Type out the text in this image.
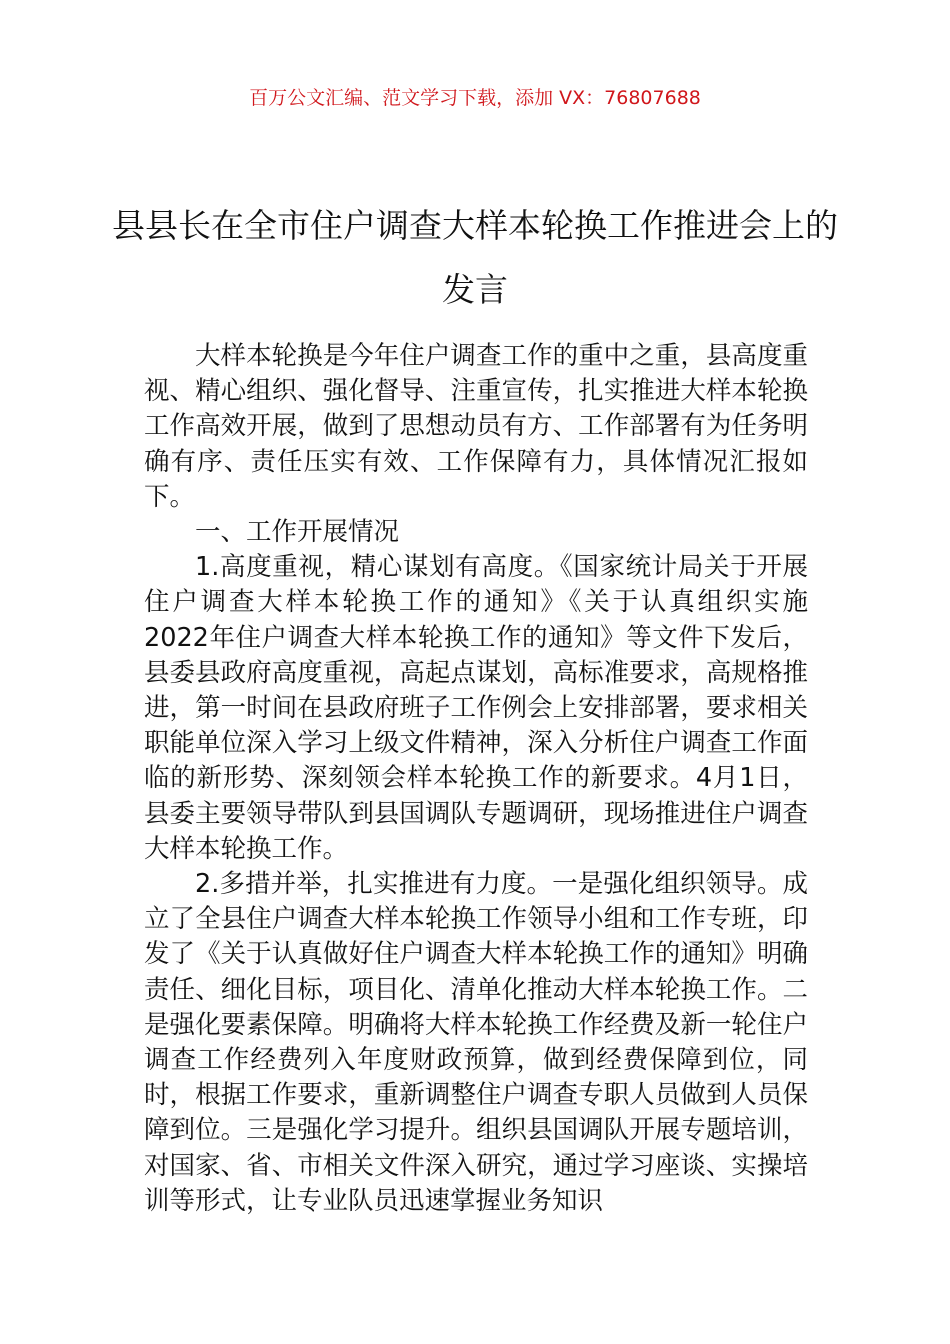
百万公文汇编、范文学习下载，添加 VX：76807688
县县长在全市住户调查大样本轮换工作推进会上的发言

大样本轮换是今年住户调查工作的重中之重，县高度重视、精心组织、强化督导、注重宣传，扎实推进大样本轮换工作高效开展，做到了思想动员有方、工作部署有为任务明确有序、责任压实有效、工作保障有力，具体情况汇报如下。

一、工作开展情况

1.高度重视，精心谋划有高度。《国家统计局关于开展住户调查大样本轮换工作的通知》《关于认真组织实施2022年住户调查大样本轮换工作的通知》等文件下发后，县委县政府高度重视，高起点谋划，高标准要求，高规格推进，第一时间在县政府班子工作例会上安排部署，要求相关职能单位深入学习上级文件精神，深入分析住户调查工作面临的新形势、深刻领会样本轮换工作的新要求。4月1日，县委主要领导带队到县国调队专题调研，现场推进住户调查大样本轮换工作。

2.多措并举，扎实推进有力度。一是强化组织领导。成立了全县住户调查大样本轮换工作领导小组和工作专班，印发了《关于认真做好住户调查大样本轮换工作的通知》明确责任、细化目标，项目化、清单化推动大样本轮换工作。二是强化要素保障。明确将大样本轮换工作经费及新一轮住户调查工作经费列入年度财政预算，做到经费保障到位，同时，根据工作要求，重新调整住户调查专职人员做到人员保障到位。三是强化学习提升。组织县国调队开展专题培训，对国家、省、市相关文件深入研究，通过学习座谈、实操培训等形式，让专业队员迅速掌握业务知识
